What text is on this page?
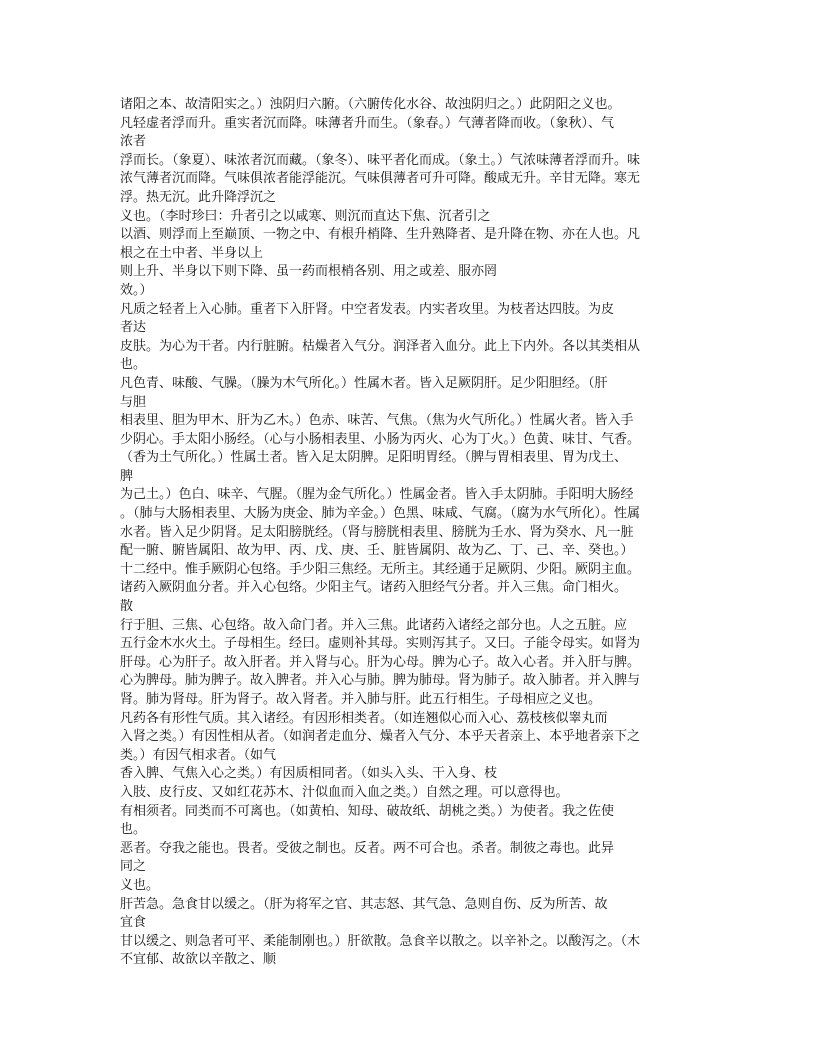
诸阳之本、故清阳实之。）浊阴归六腑。（六腑传化水谷、故浊阴归之。）此阴阳之义也。
凡轻虚者浮而升。重实者沉而降。味薄者升而生。（象春。）气薄者降而收。（象秋）、气
浓者
浮而长。（象夏）、味浓者沉而藏。（象冬）、味平者化而成。（象土。）气浓味薄者浮而升。味
浓气薄者沉而降。气味俱浓者能浮能沉。气味俱薄者可升可降。酸咸无升。辛甘无降。寒无
浮。热无沉。此升降浮沉之
义也。（李时珍曰：升者引之以咸寒、则沉而直达下焦、沉者引之
以酒、则浮而上至巅顶、一物之中、有根升梢降、生升熟降者、是升降在物、亦在人也。凡
根之在土中者、半身以上
则上升、半身以下则下降、虽一药而根梢各别、用之或差、服亦罔
效。）
凡质之轻者上入心肺。重者下入肝肾。中空者发表。内实者攻里。为枝者达四肢。为皮
者达
皮肤。为心为干者。内行脏腑。枯燥者入气分。润泽者入血分。此上下内外。各以其类相从
也。
凡色青、味酸、气臊。（臊为木气所化。）性属木者。皆入足厥阴肝。足少阳胆经。（肝
与胆
相表里、胆为甲木、肝为乙木。）色赤、味苦、气焦。（焦为火气所化。）性属火者。皆入手
少阴心。手太阳小肠经。（心与小肠相表里、小肠为丙火、心为丁火。）色黄、味甘、气香。
（香为土气所化。）性属土者。皆入足太阴脾。足阳明胃经。（脾与胃相表里、胃为戊土、
脾
为己土。）色白、味辛、气腥。（腥为金气所化。）性属金者。皆入手太阴肺。手阳明大肠经
。（肺与大肠相表里、大肠为庚金、肺为辛金。）色黑、味咸、气腐。（腐为水气所化）。性属
水者。皆入足少阴肾。足太阳膀胱经。（肾与膀胱相表里、膀胱为壬水、肾为癸水、凡一脏
配一腑、腑皆属阳、故为甲、丙、戊、庚、壬、脏皆属阴、故为乙、丁、己、辛、癸也。）
十二经中。惟手厥阴心包络。手少阳三焦经。无所主。其经通于足厥阴、少阳。厥阴主血。
诸药入厥阴血分者。并入心包络。少阳主气。诸药入胆经气分者。并入三焦。命门相火。
散
行于胆、三焦、心包络。故入命门者。并入三焦。此诸药入诸经之部分也。人之五脏。应
五行金木水火土。子母相生。经曰。虚则补其母。实则泻其子。又曰。子能令母实。如肾为
肝母。心为肝子。故入肝者。并入肾与心。肝为心母。脾为心子。故入心者。并入肝与脾。
心为脾母。肺为脾子。故入脾者。并入心与肺。脾为肺母。肾为肺子。故入肺者。并入脾与
肾。肺为肾母。肝为肾子。故入肾者。并入肺与肝。此五行相生。子母相应之义也。
凡药各有形性气质。其入诸经。有因形相类者。（如连翘似心而入心、荔枝核似睾丸而
入肾之类。）有因性相从者。（如润者走血分、燥者入气分、本乎天者亲上、本乎地者亲下之
类。）有因气相求者。（如气
香入脾、气焦入心之类。）有因质相同者。（如头入头、干入身、枝
入肢、皮行皮、又如红花苏木、汁似血而入血之类。）自然之理。可以意得也。
有相须者。同类而不可离也。（如黄柏、知母、破故纸、胡桃之类。）为使者。我之佐使
也。
恶者。夺我之能也。畏者。受彼之制也。反者。两不可合也。杀者。制彼之毒也。此异
同之
义也。
肝苦急。急食甘以缓之。（肝为将军之官、其志怒、其气急、急则自伤、反为所苦、故
宜食
甘以缓之、则急者可平、柔能制刚也。）肝欲散。急食辛以散之。以辛补之。以酸泻之。（木
不宜郁、故欲以辛散之、顺
